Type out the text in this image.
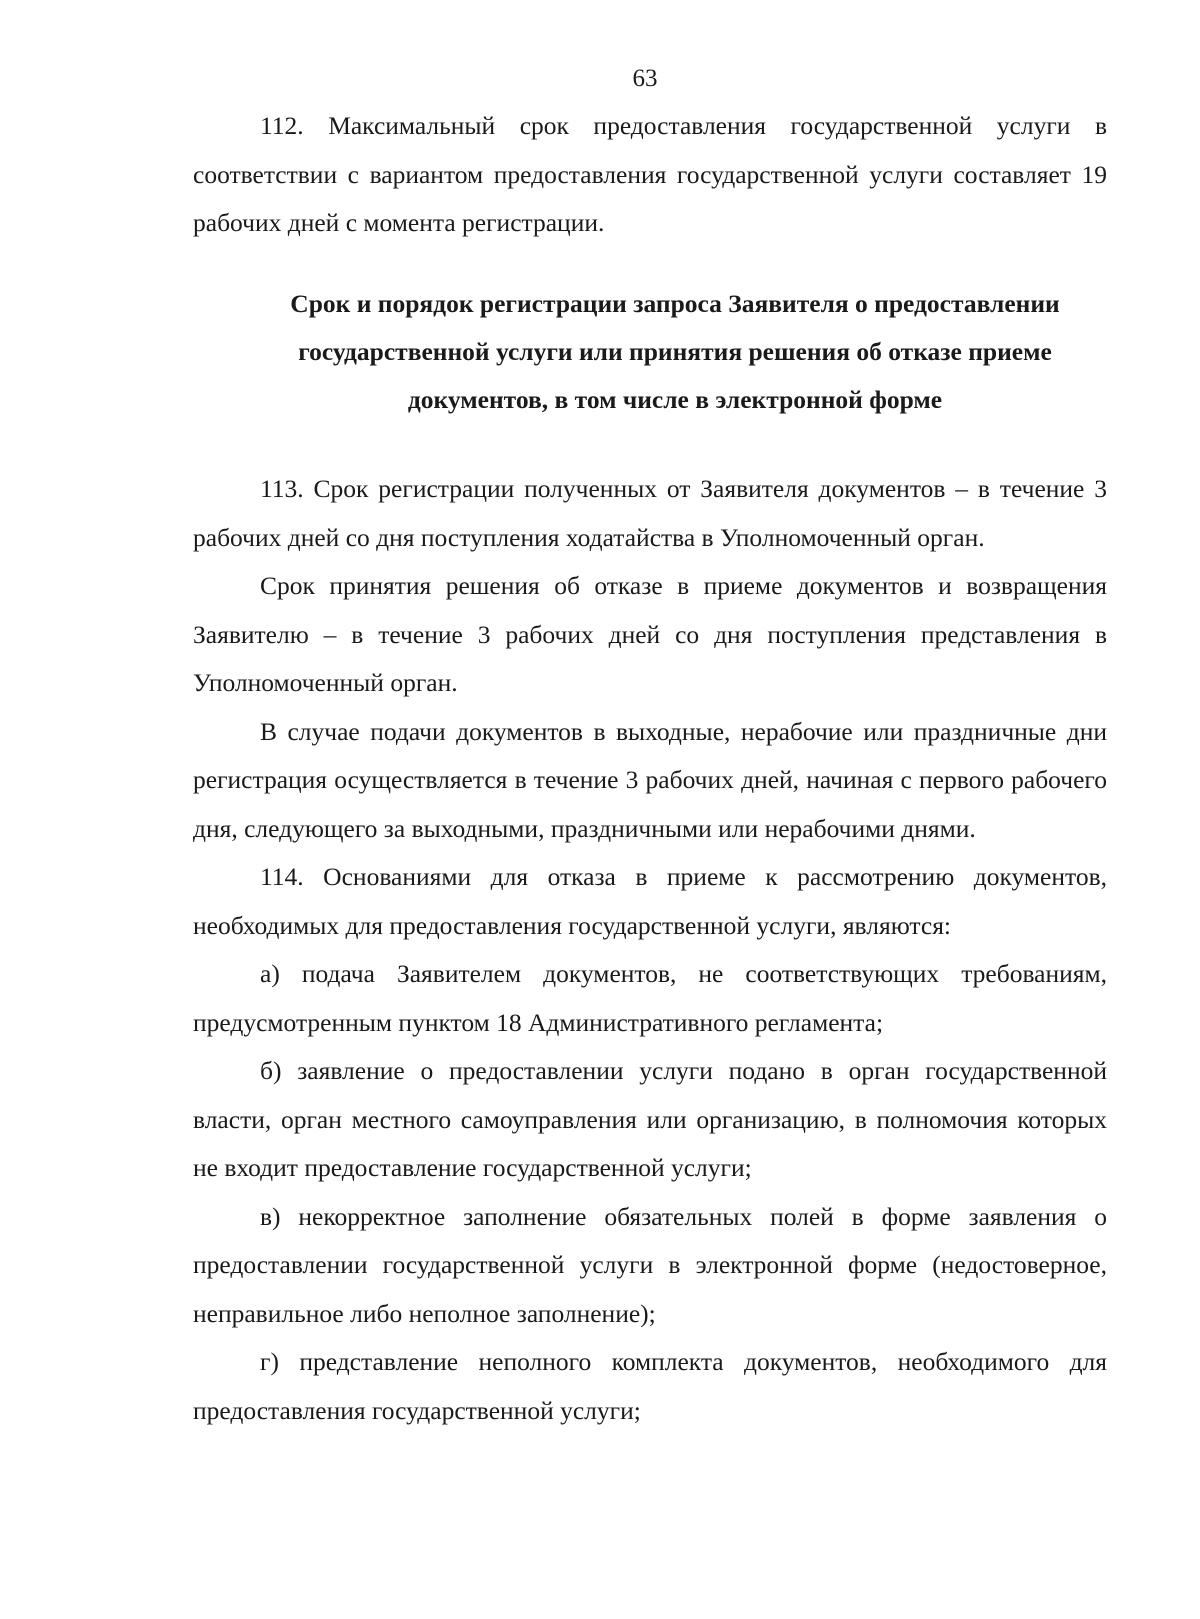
63

112. Максимальный срок предоставления государственной услуги в соответствии с вариантом предоставления государственной услуги составляет 19 рабочих дней с момента регистрации.

Срок и порядок регистрации запроса Заявителя о предоставлении
государственной услуги или принятия решения об отказе приеме
документов, в том числе в электронной форме

113. Срок регистрации полученных от Заявителя документов – в течение 3 рабочих дней со дня поступления ходатайства в Уполномоченный орган.

Срок принятия решения об отказе в приеме документов и возвращения Заявителю – в течение 3 рабочих дней со дня поступления представления в Уполномоченный орган.

В случае подачи документов в выходные, нерабочие или праздничные дни регистрация осуществляется в течение 3 рабочих дней, начиная с первого рабочего дня, следующего за выходными, праздничными или нерабочими днями.

114. Основаниями для отказа в приеме к рассмотрению документов, необходимых для предоставления государственной услуги, являются:

а) подача Заявителем документов, не соответствующих требованиям, предусмотренным пунктом 18 Административного регламента;

б) заявление о предоставлении услуги подано в орган государственной власти, орган местного самоуправления или организацию, в полномочия которых не входит предоставление государственной услуги;

в) некорректное заполнение обязательных полей в форме заявления о предоставлении государственной услуги в электронной форме (недостоверное, неправильное либо неполное заполнение);

г) представление неполного комплекта документов, необходимого для предоставления государственной услуги;
